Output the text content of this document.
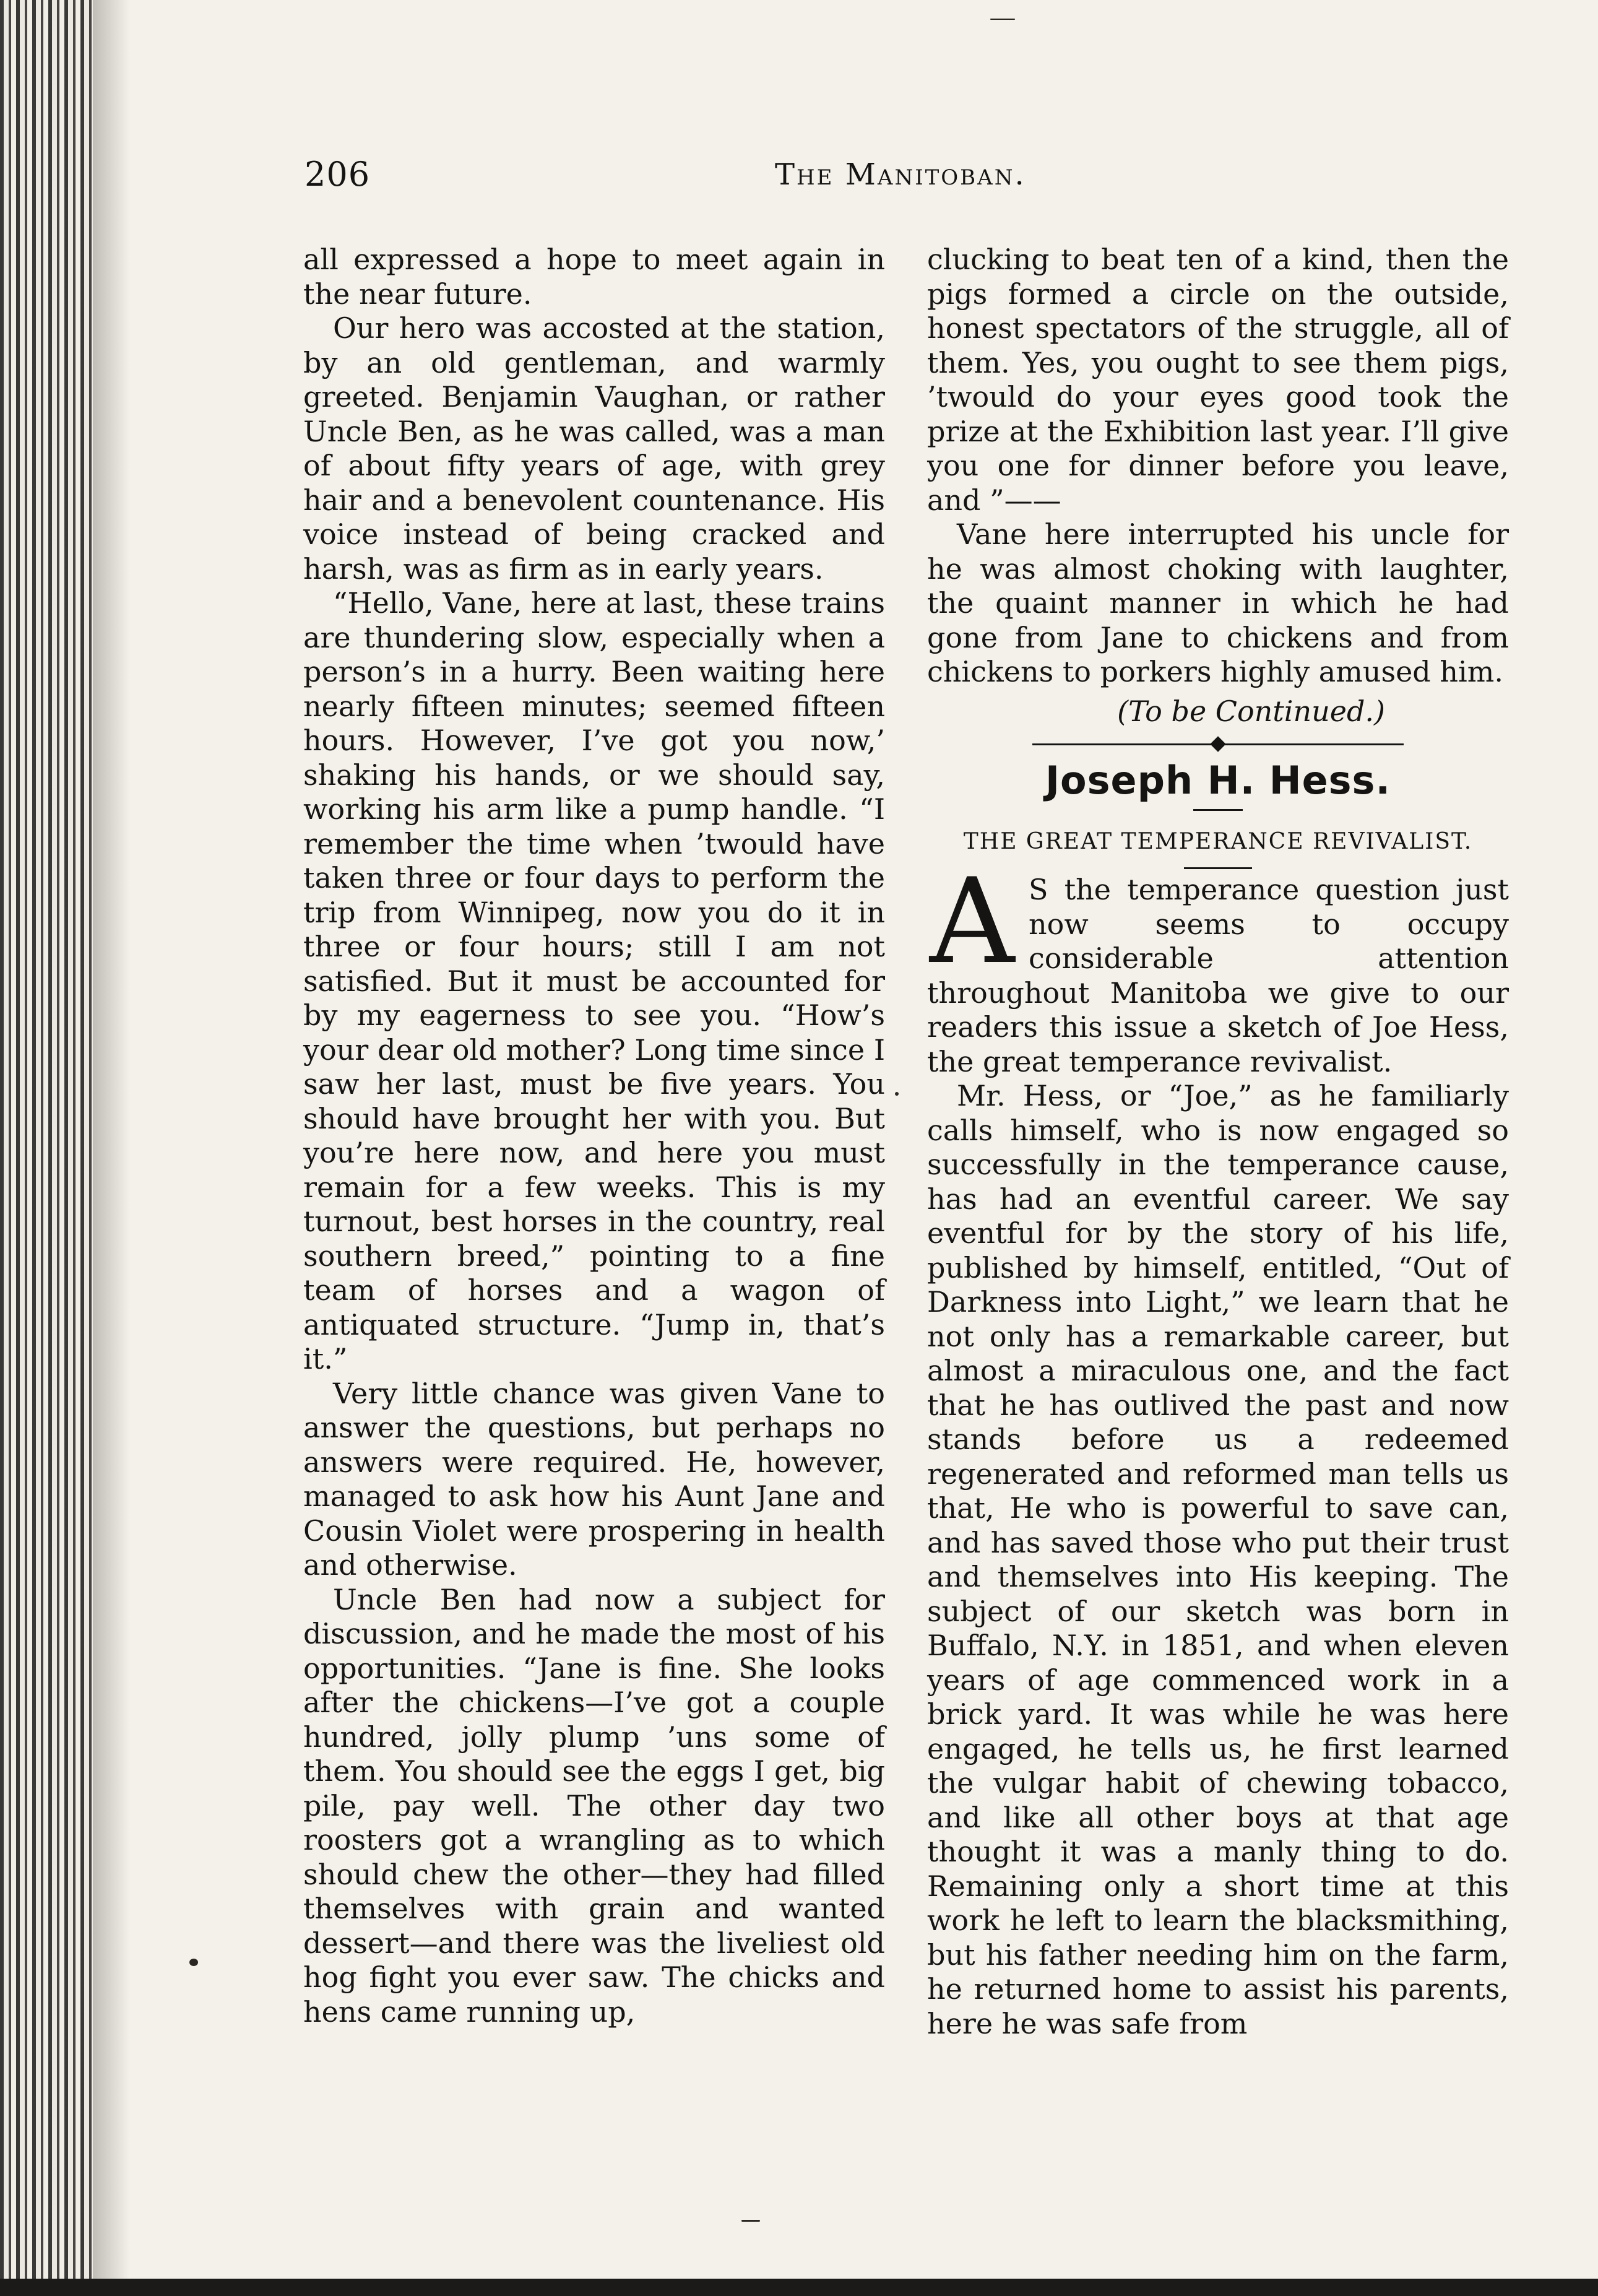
206	The Manitoban.

all expressed a hope to meet again in the near future.

Our hero was accosted at the station, by an old gentleman, and warmly greeted. Benjamin Vaughan, or rather Uncle Ben, as he was called, was a man of about fifty years of age, with grey hair and a benevolent countenance. His voice instead of being cracked and harsh, was as firm as in early years.

“Hello, Vane, here at last, these trains are thundering slow, especially when a person’s in a hurry. Been waiting here nearly fifteen minutes; seemed fifteen hours. However, I’ve got you now,’ shaking his hands, or we should say, working his arm like a pump handle. “I remember the time when ’twould have taken three or four days to perform the trip from Winnipeg, now you do it in three or four hours; still I am not satisfied. But it must be accounted for by my eagerness to see you. “How’s your dear old mother? Long time since I saw her last, must be five years. You should have brought her with you. But you’re here now, and here you must remain for a few weeks. This is my turnout, best horses in the country, real southern breed,” pointing to a fine team of horses and a wagon of antiquated structure. “Jump in, that’s it.”

Very little chance was given Vane to answer the questions, but perhaps no answers were required. He, however, managed to ask how his Aunt Jane and Cousin Violet were prospering in health and otherwise.

Uncle Ben had now a subject for discussion, and he made the most of his opportunities. “Jane is fine. She looks after the chickens—I’ve got a couple hundred, jolly plump ’uns some of them. You should see the eggs I get, big pile, pay well. The other day two roosters got a wrangling as to which should chew the other—they had filled themselves with grain and wanted dessert—and there was the liveliest old hog fight you ever saw. The chicks and hens came running up,

clucking to beat ten of a kind, then the pigs formed a circle on the outside, honest spectators of the struggle, all of them. Yes, you ought to see them pigs, ’twould do your eyes good took the prize at the Exhibition last year. I’ll give you one for dinner before you leave, and ”——

Vane here interrupted his uncle for he was almost choking with laughter, the quaint manner in which he had gone from Jane to chickens and from chickens to porkers highly amused him.

(To be Continued.)

Joseph H. Hess.

THE GREAT TEMPERANCE REVIVALIST.

A S the temperance question just now seems to occupy considerable attention throughout Manitoba we give to our readers this issue a sketch of Joe Hess, the great temperance revivalist.

Mr. Hess, or “Joe,” as he familiarly calls himself, who is now engaged so successfully in the temperance cause, has had an eventful career. We say eventful for by the story of his life, published by himself, entitled, “Out of Darkness into Light,” we learn that he not only has a remarkable career, but almost a miraculous one, and the fact that he has outlived the past and now stands before us a redeemed regenerated and reformed man tells us that, He who is powerful to save can, and has saved those who put their trust and themselves into His keeping. The subject of our sketch was born in Buffalo, N.Y. in 1851, and when eleven years of age commenced work in a brick yard. It was while he was here engaged, he tells us, he first learned the vulgar habit of chewing tobacco, and like all other boys at that age thought it was a manly thing to do. Remaining only a short time at this work he left to learn the blacksmithing, but his father needing him on the farm, he returned home to assist his parents, here he was safe from
